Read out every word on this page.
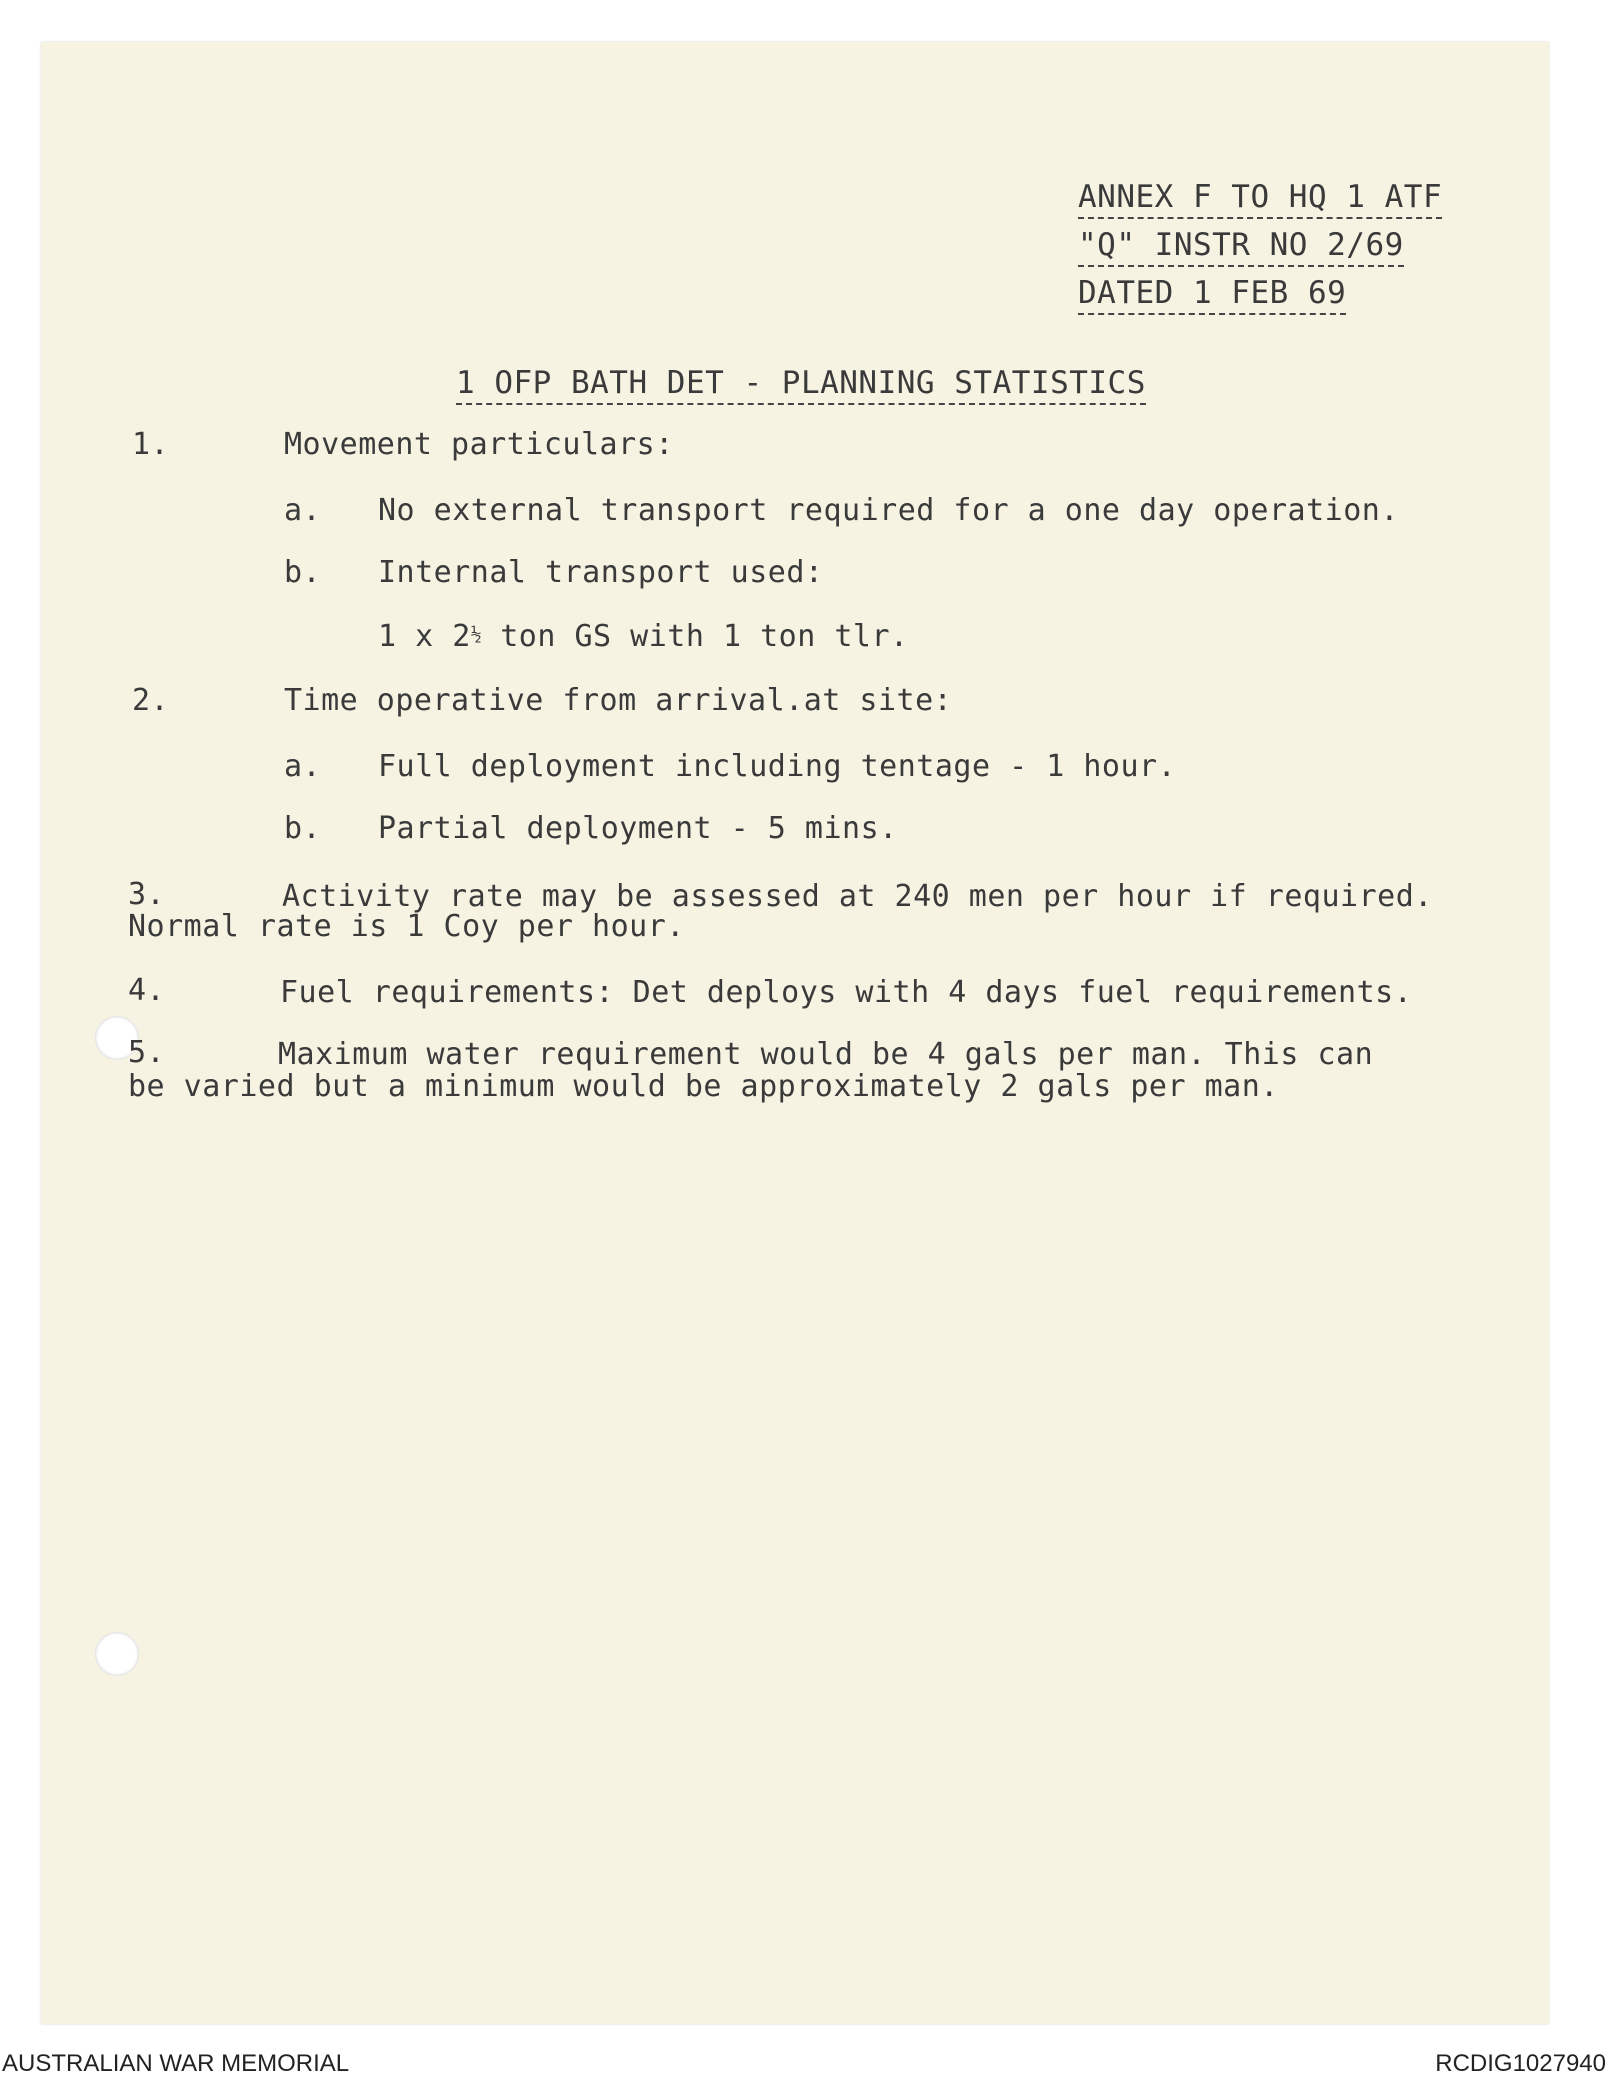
ANNEX F TO HQ 1 ATF
"Q" INSTR NO 2/69
DATED 1 FEB 69
1 OFP BATH DET - PLANNING STATISTICS
1.	Movement particulars:
a. No external transport required for a one day operation.
b. Internal transport used:
1 x $2^{\frac{1}{2}}$ ton GS with 1 ton tlr.
2.	Time operative from arrival.at site:
a. Full deployment including tentage - 1 hour.
b. Partial deployment - 5 mins.
3.	Activity rate may be assessed at 240 men per hour if required.
Normal rate is 1 Coy per hour.
4.	Fuel requirements: Det deploys with 4 days fuel requirements.
5.	Maximum water requirement would be 4 gals per man. This can
be varied but a minimum would be approximately 2 gals per man.
AUSTRALIAN WAR MEMORIAL	RCDIG1027940
